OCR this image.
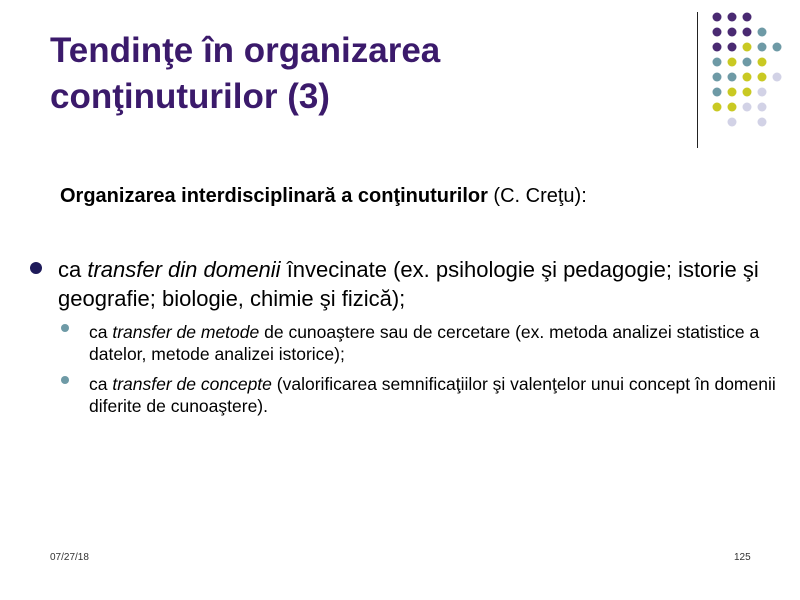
Tendinţe în organizarea
conţinuturilor (3)
Organizarea interdisciplinară a conţinuturilor (C. Creţu):
ca transfer din domenii învecinate (ex. psihologie şi pedagogie; istorie şi geografie; biologie, chimie şi fizică);
ca transfer de metode de cunoaştere sau de cercetare (ex. metoda analizei statistice a datelor, metode analizei istorice);
ca transfer de concepte (valorificarea semnificaţiilor şi valenţelor unui concept în domenii diferite de cunoaştere).
07/27/18	125
